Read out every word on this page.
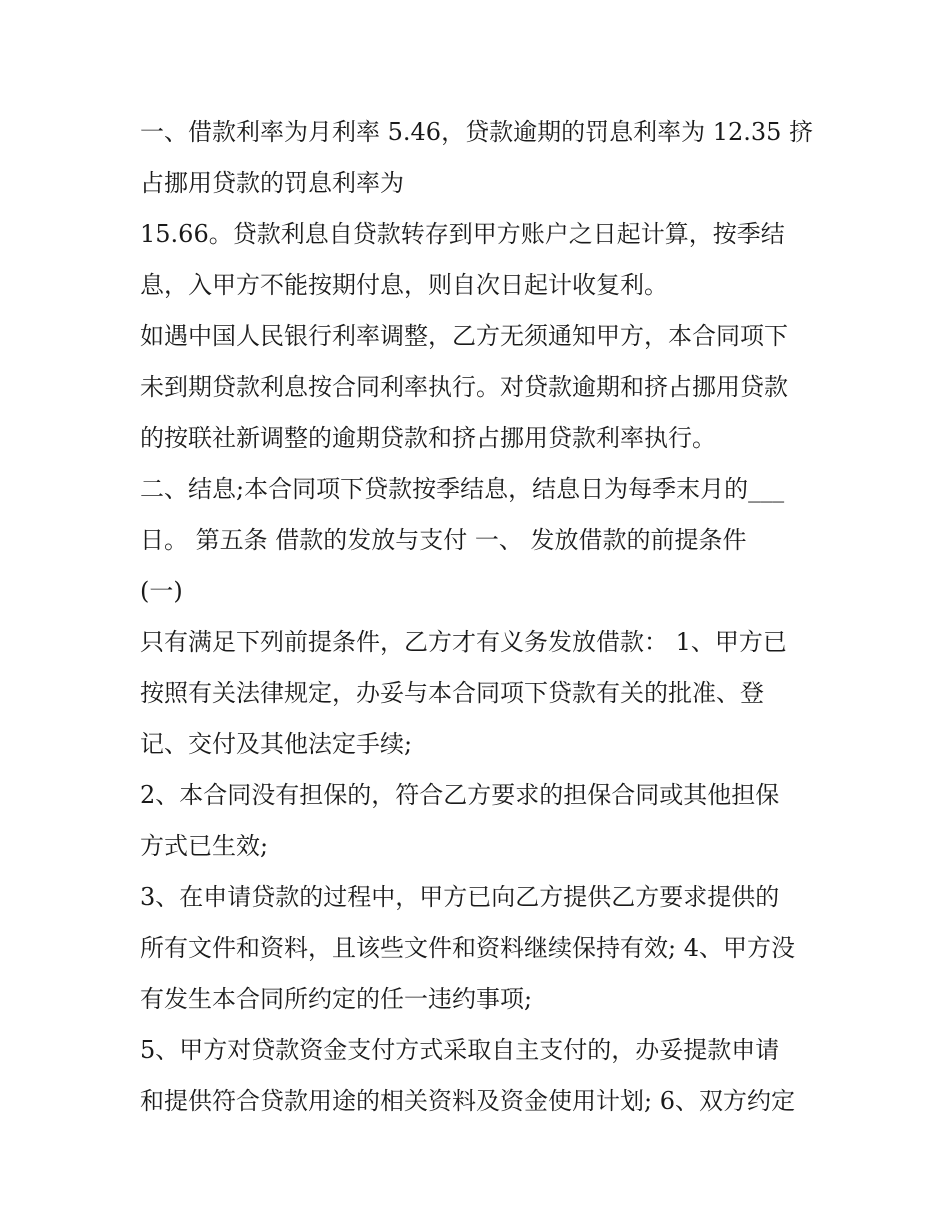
一、借款利率为月利率 5.46，贷款逾期的罚息利率为 12.35 挤
占挪用贷款的罚息利率为
15.66。贷款利息自贷款转存到甲方账户之日起计算，按季结
息，入甲方不能按期付息，则自次日起计收复利。
如遇中国人民银行利率调整，乙方无须通知甲方，本合同项下
未到期贷款利息按合同利率执行。对贷款逾期和挤占挪用贷款
的按联社新调整的逾期贷款和挤占挪用贷款利率执行。
二、结息;本合同项下贷款按季结息，结息日为每季末月的___
日。 第五条 借款的发放与支付 一、 发放借款的前提条件
(一)
只有满足下列前提条件，乙方才有义务发放借款： 1、甲方已
按照有关法律规定，办妥与本合同项下贷款有关的批准、登
记、交付及其他法定手续;
2、本合同没有担保的，符合乙方要求的担保合同或其他担保
方式已生效;
3、在申请贷款的过程中，甲方已向乙方提供乙方要求提供的
所有文件和资料，且该些文件和资料继续保持有效; 4、甲方没
有发生本合同所约定的任一违约事项;
5、甲方对贷款资金支付方式采取自主支付的，办妥提款申请
和提供符合贷款用途的相关资料及资金使用计划; 6、双方约定
